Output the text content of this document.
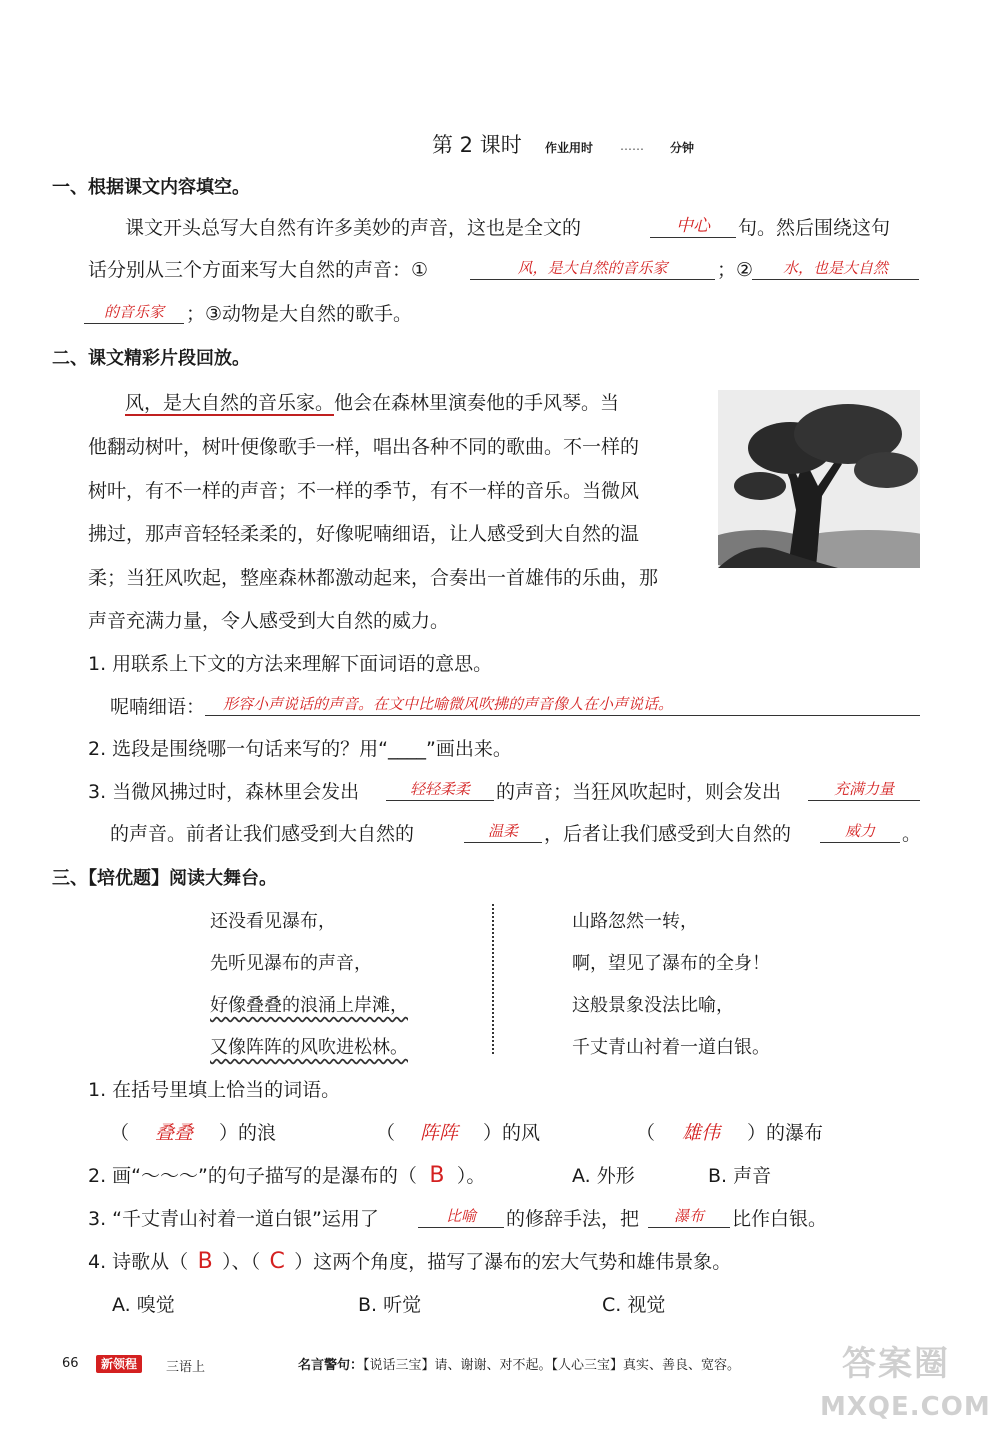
第 2 课时 作业用时 …… 分钟
一、根据课文内容填空。
课文开头总写大自然有许多美妙的声音，这也是全文的	中心	句。然后围绕这句
话分别从三个方面来写大自然的声音：①	风，是大自然的音乐家	；②	水，也是大自然
的音乐家	；③动物是大自然的歌手。
二、课文精彩片段回放。
风，是大自然的音乐家。他会在森林里演奏他的手风琴。当
他翻动树叶，树叶便像歌手一样，唱出各种不同的歌曲。不一样的
树叶，有不一样的声音；不一样的季节，有不一样的音乐。当微风
拂过，那声音轻轻柔柔的，好像呢喃细语，让人感受到大自然的温
柔；当狂风吹起，整座森林都激动起来，合奏出一首雄伟的乐曲，那
声音充满力量，令人感受到大自然的威力。
1. 用联系上下文的方法来理解下面词语的意思。
呢喃细语：	形容小声说话的声音。在文中比喻微风吹拂的声音像人在小声说话。
2. 选段是围绕哪一句话来写的？用“____”画出来。
3. 当微风拂过时，森林里会发出	轻轻柔柔	的声音；当狂风吹起时，则会发出	充满力量
的声音。前者让我们感受到大自然的	温柔	，后者让我们感受到大自然的	威力	。
三、【培优题】阅读大舞台。
还没看见瀑布，
先听见瀑布的声音，
好像叠叠的浪涌上岸滩，
又像阵阵的风吹进松林。
山路忽然一转，
啊，望见了瀑布的全身！
这般景象没法比喻，
千丈青山衬着一道白银。
1. 在括号里填上恰当的词语。
（ 叠叠 ）的浪	（ 阵阵 ）的风	（ 雄伟 ）的瀑布
2. 画“～～～”的句子描写的是瀑布的（ B ）。	A. 外形	B. 声音
3. “千丈青山衬着一道白银”运用了	比喻	的修辞手法，把	瀑布	比作白银。
4. 诗歌从（ B ）、（ C ）这两个角度，描写了瀑布的宏大气势和雄伟景象。
A. 嗅觉	B. 听觉	C. 视觉
66	新领程	三语上	名言警句：【说话三宝】请、谢谢、对不起。【人心三宝】真实、善良、宽容。	答案圈
MXQE.COM
